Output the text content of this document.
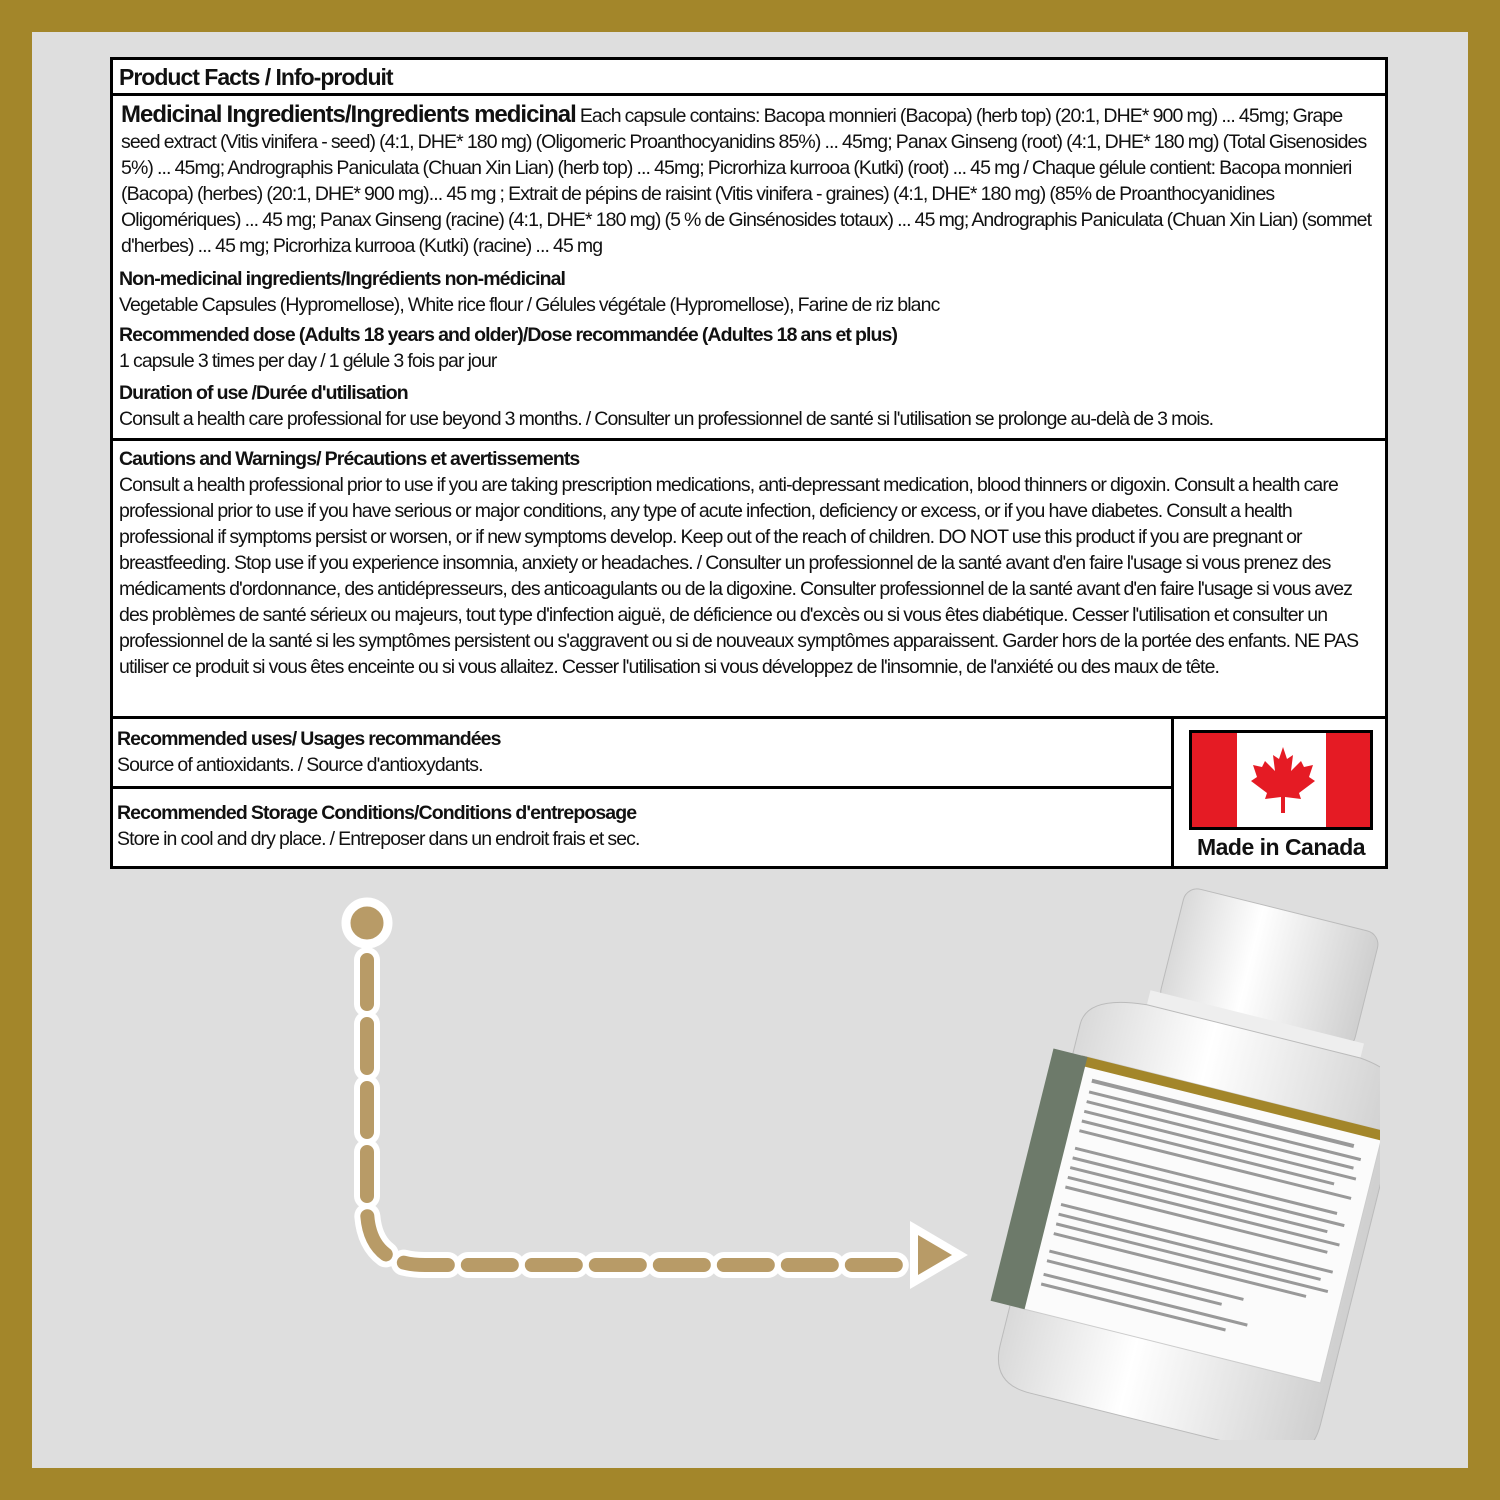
Product Facts / Info-produit
Medicinal Ingredients/Ingredients medicinal Each capsule contains: Bacopa monnieri (Bacopa) (herb top) (20:1, DHE* 900 mg) ... 45mg; Grape seed extract (Vitis vinifera - seed) (4:1, DHE* 180 mg) (Oligomeric Proanthocyanidins 85%) ... 45mg; Panax Ginseng (root) (4:1, DHE* 180 mg) (Total Gisenosides 5%) ... 45mg; Andrographis Paniculata (Chuan Xin Lian) (herb top) ... 45mg; Picrorhiza kurrooa (Kutki) (root) ... 45 mg / Chaque gélule contient: Bacopa monnieri (Bacopa) (herbes) (20:1, DHE* 900 mg)... 45 mg ; Extrait de pépins de raisint (Vitis vinifera - graines) (4:1, DHE* 180 mg) (85% de Proanthocyanidines Oligomériques) ... 45 mg; Panax Ginseng (racine) (4:1, DHE* 180 mg) (5 % de Ginsénosides totaux) ... 45 mg; Andrographis Paniculata (Chuan Xin Lian) (sommet d'herbes) ... 45 mg; Picrorhiza kurrooa (Kutki) (racine) ... 45 mg
Non-medicinal ingredients/Ingrédients non-médicinal
Vegetable Capsules (Hypromellose), White rice flour / Gélules végétale (Hypromellose), Farine de riz blanc
Recommended dose (Adults 18 years and older)/Dose recommandée (Adultes 18 ans et plus)
1 capsule 3 times per day / 1 gélule 3 fois par jour
Duration of use /Durée d'utilisation
Consult a health care professional for use beyond 3 months. / Consulter un professionnel de santé si l'utilisation se prolonge au-delà de 3 mois.
Cautions and Warnings/ Précautions et avertissements
Consult a health professional prior to use if you are taking prescription medications, anti-depressant medication, blood thinners or digoxin. Consult a health care professional prior to use if you have serious or major conditions, any type of acute infection, deficiency or excess, or if you have diabetes. Consult a health professional if symptoms persist or worsen, or if new symptoms develop. Keep out of the reach of children. DO NOT use this product if you are pregnant or breastfeeding. Stop use if you experience insomnia, anxiety or headaches. / Consulter un professionnel de la santé avant d'en faire l'usage si vous prenez des médicaments d'ordonnance, des antidépresseurs, des anticoagulants ou de la digoxine. Consulter professionnel de la santé avant d'en faire l'usage si vous avez des problèmes de santé sérieux ou majeurs, tout type d'infection aiguë, de déficience ou d'excès ou si vous êtes diabétique. Cesser l'utilisation et consulter un professionnel de la santé si les symptômes persistent ou s'aggravent ou si de nouveaux symptômes apparaissent. Garder hors de la portée des enfants. NE PAS utiliser ce produit si vous êtes enceinte ou si vous allaitez. Cesser l'utilisation si vous développez de l'insomnie, de l'anxiété ou des maux de tête.
Recommended uses/ Usages recommandées
Source of antioxidants. / Source d'antioxydants.
Recommended Storage Conditions/Conditions d'entreposage
Store in cool and dry place. / Entreposer dans un endroit frais et sec.	Made in Canada
